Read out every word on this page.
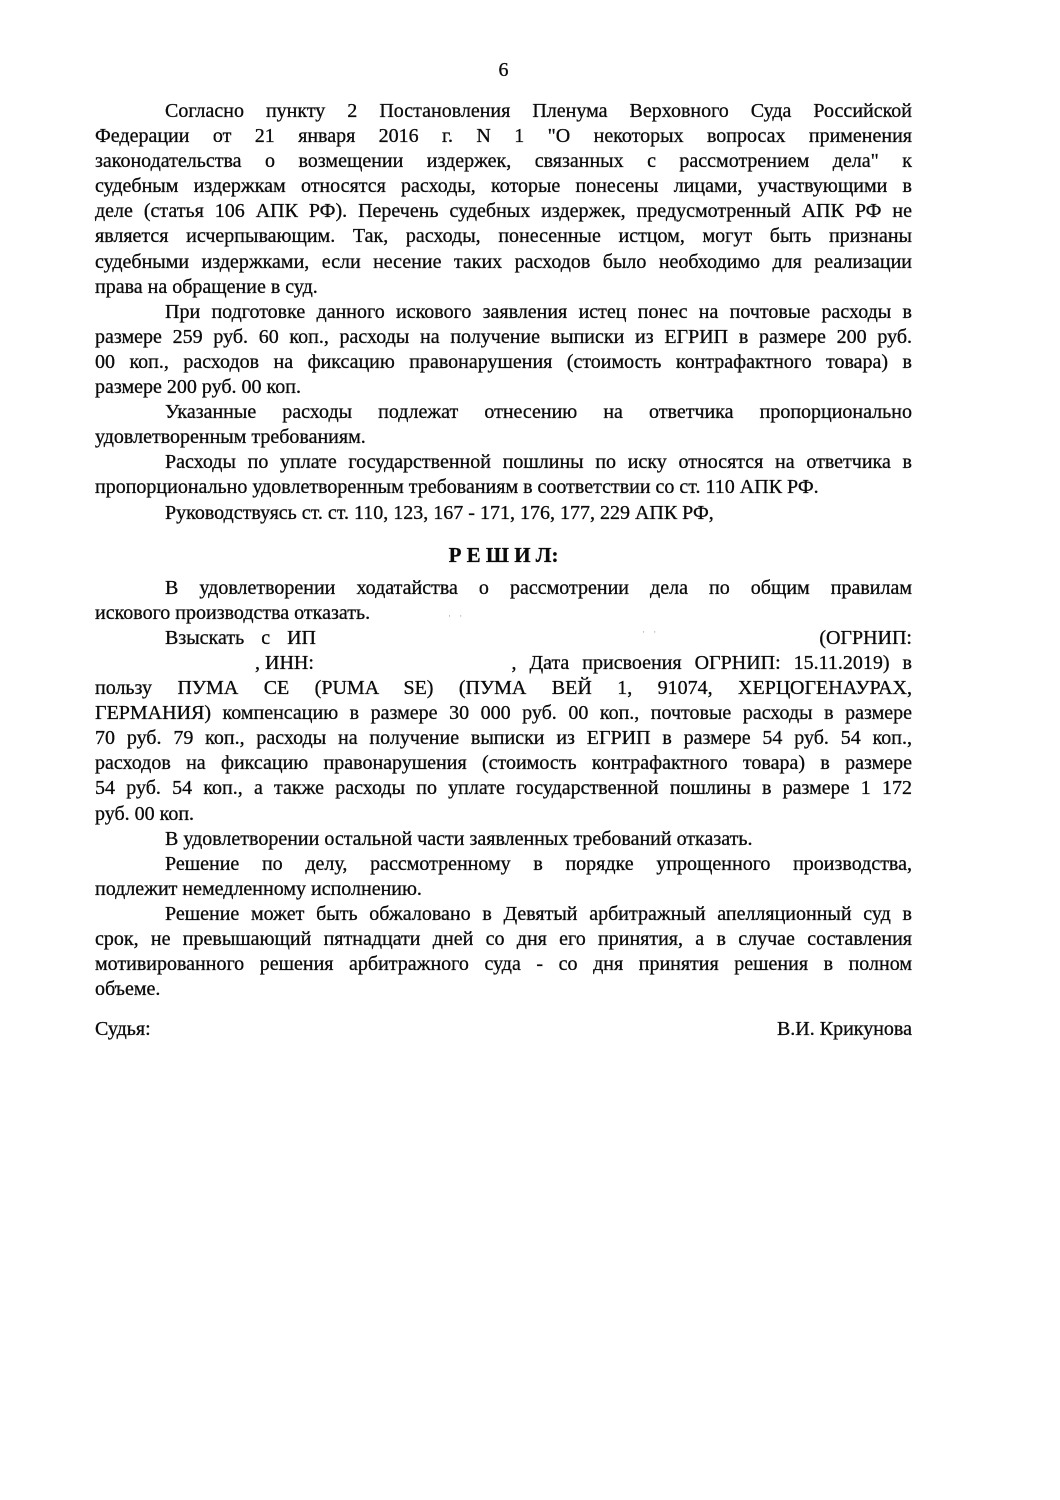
6
· ·
· ·
Согласно пункту 2 Постановления Пленума Верховного Суда Российской
Федерации от 21 января 2016 г. N 1 "О некоторых вопросах применения
законодательства о возмещении издержек, связанных с рассмотрением дела" к
судебным издержкам относятся расходы, которые понесены лицами, участвующими в
деле (статья 106 АПК РФ). Перечень судебных издержек, предусмотренный АПК РФ не
является исчерпывающим. Так, расходы, понесенные истцом, могут быть признаны
судебными издержками, если несение таких расходов было необходимо для реализации
права на обращение в суд.
При подготовке данного искового заявления истец понес на почтовые расходы в
размере 259 руб. 60 коп., расходы на получение выписки из ЕГРИП в размере 200 руб.
00 коп., расходов на фиксацию правонарушения (стоимость контрафактного товара) в
размере 200 руб. 00 коп.
Указанные расходы подлежат отнесению на ответчика пропорционально
удовлетворенным требованиям.
Расходы по уплате государственной пошлины по иску относятся на ответчика в
пропорционально удовлетворенным требованиям в соответствии со ст. 110 АПК РФ.
Руководствуясь ст. ст. 110, 123, 167 - 171, 176, 177, 229 АПК РФ,
Р Е Ш И Л:
В удовлетворении ходатайства о рассмотрении дела по общим правилам
искового производства отказать.
Взыскать с ИП	(ОГРНИП:
, ИНН:	, Дата присвоения ОГРНИП: 15.11.2019) в
пользу ПУМА СЕ (PUMA SE) (ПУМА ВЕЙ 1, 91074, ХЕРЦОГЕНАУРАХ,
ГЕРМАНИЯ) компенсацию в размере 30 000 руб. 00 коп., почтовые расходы в размере
70 руб. 79 коп., расходы на получение выписки из ЕГРИП в размере 54 руб. 54 коп.,
расходов на фиксацию правонарушения (стоимость контрафактного товара) в размере
54 руб. 54 коп., а также расходы по уплате государственной пошлины в размере 1 172
руб. 00 коп.
В удовлетворении остальной части заявленных требований отказать.
Решение по делу, рассмотренному в порядке упрощенного производства,
подлежит немедленному исполнению.
Решение может быть обжаловано в Девятый арбитражный апелляционный суд в
срок, не превышающий пятнадцати дней со дня его принятия, а в случае составления
мотивированного решения арбитражного суда - со дня принятия решения в полном
объеме.
Судья:	В.И. Крикунова
